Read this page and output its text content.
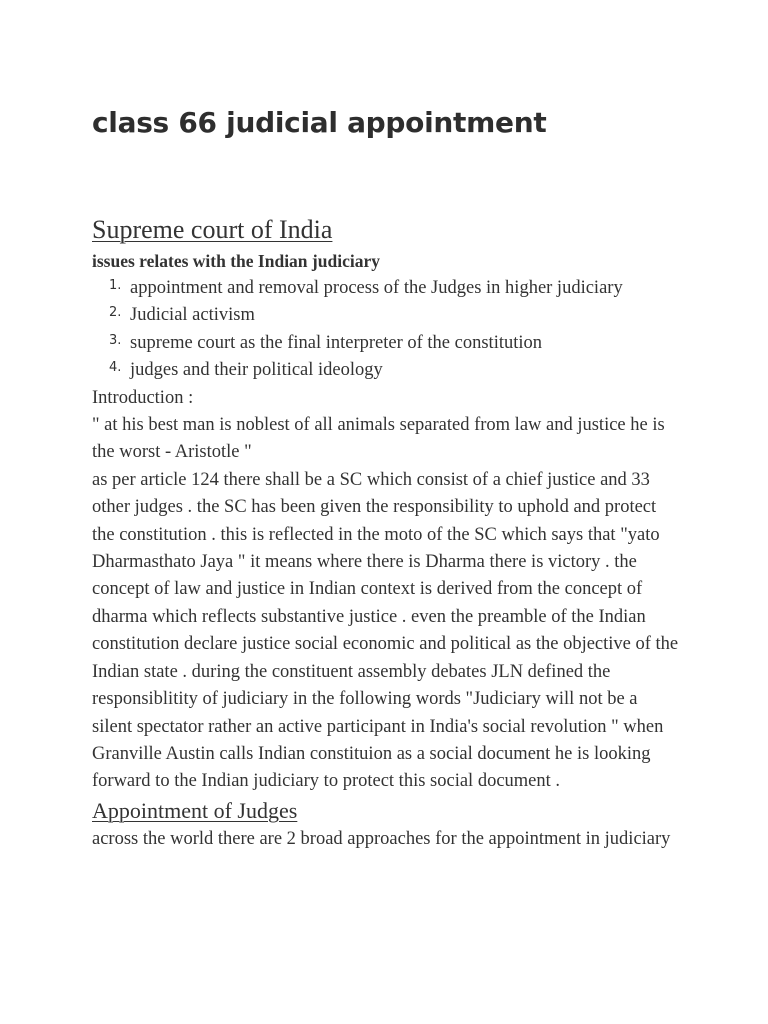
class 66 judicial appointment
Supreme court of India

issues relates with the Indian judiciary

1. appointment and removal process of the Judges in higher judiciary
2. Judicial activism
3. supreme court as the final interpreter of the constitution
4. judges and their political ideology

Introduction :

" at his best man is noblest of all animals separated from law and justice he is the worst - Aristotle "

as per article 124 there shall be a SC which consist of a chief justice and 33 other judges . the SC has been given the responsibility to uphold and protect the constitution . this is reflected in the moto of the SC which says that "yato Dharmasthato Jaya " it means where there is Dharma there is victory . the concept of law and justice in Indian context is derived from the concept of dharma which reflects substantive justice . even the preamble of the Indian constitution declare justice social economic and political as the objective of the Indian state . during the constituent assembly debates JLN defined the responsiblitity of judiciary in the following words "Judiciary will not be a silent spectator rather an active participant in India's social revolution " when Granville Austin calls Indian constituion as a social document he is looking forward to the Indian judiciary to protect this social document .

Appointment of Judges

across the world there are 2 broad approaches for the appointment in judiciary
